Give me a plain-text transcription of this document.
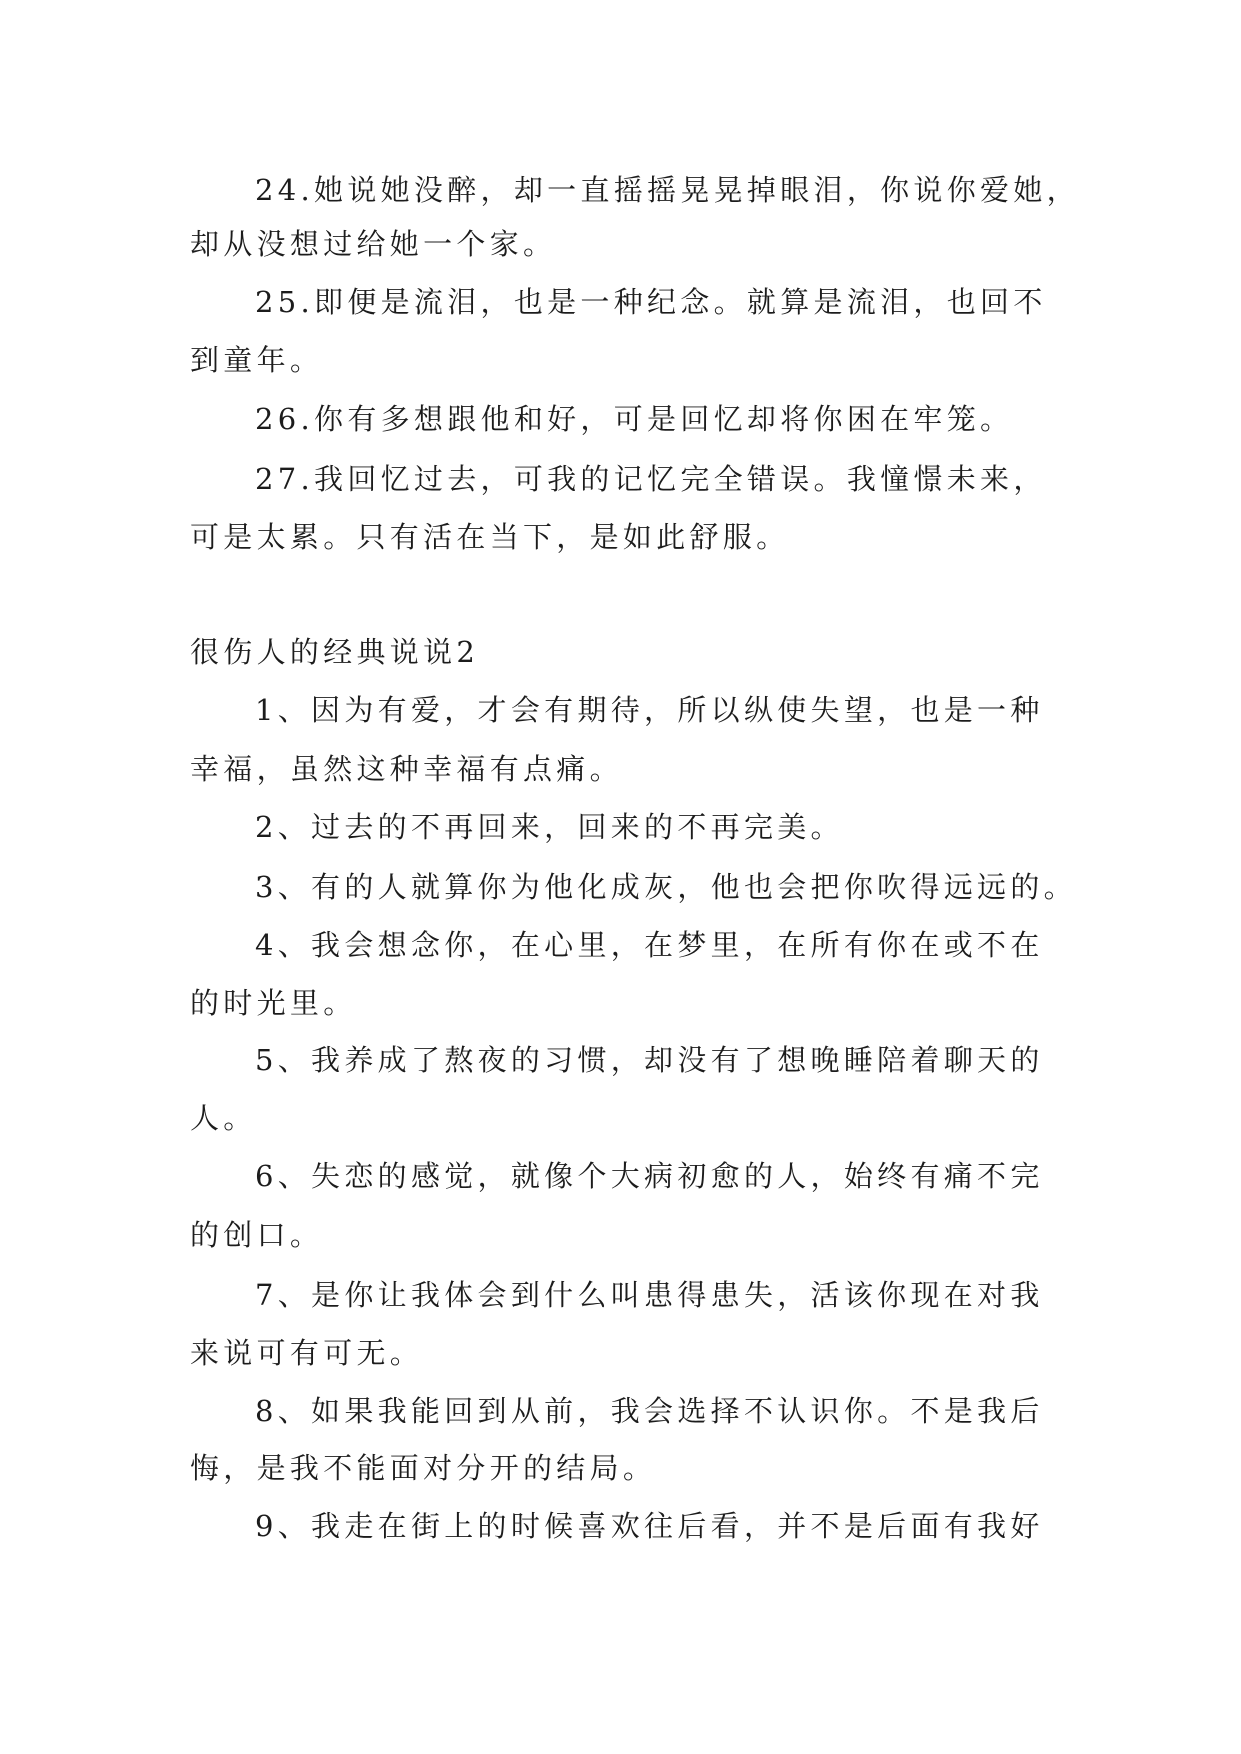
24.她说她没醉，却一直摇摇晃晃掉眼泪，你说你爱她，
却从没想过给她一个家。
25.即便是流泪，也是一种纪念。就算是流泪，也回不
到童年。
26.你有多想跟他和好，可是回忆却将你困在牢笼。
27.我回忆过去，可我的记忆完全错误。我憧憬未来，
可是太累。只有活在当下，是如此舒服。
很伤人的经典说说2
1、因为有爱，才会有期待，所以纵使失望，也是一种
幸福，虽然这种幸福有点痛。
2、过去的不再回来，回来的不再完美。
3、有的人就算你为他化成灰，他也会把你吹得远远的。
4、我会想念你，在心里，在梦里，在所有你在或不在
的时光里。
5、我养成了熬夜的习惯，却没有了想晚睡陪着聊天的
人。
6、失恋的感觉，就像个大病初愈的人，始终有痛不完
的创口。
7、是你让我体会到什么叫患得患失，活该你现在对我
来说可有可无。
8、如果我能回到从前，我会选择不认识你。不是我后
悔，是我不能面对分开的结局。
9、我走在街上的时候喜欢往后看，并不是后面有我好
